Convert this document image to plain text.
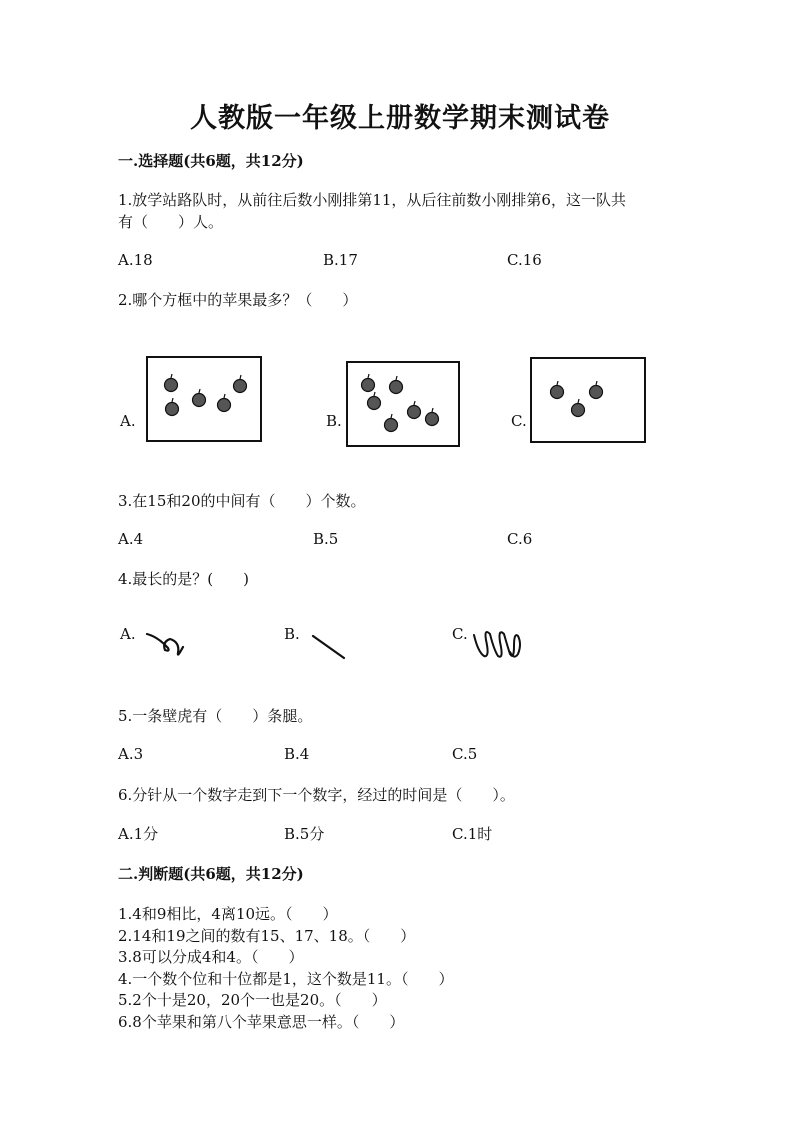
人教版一年级上册数学期末测试卷
一.选择题(共6题，共12分)
1.放学站路队时，从前往后数小刚排第11，从后往前数小刚排第6，这一队共
有（　　）人。
A.18	B.17	C.16
2.哪个方框中的苹果最多？（　　）
A.	B.	C.
3.在15和20的中间有（　　）个数。
A.4	B.5	C.6
4.最长的是？(　　)
A.	B.	C.
5.一条壁虎有（　　）条腿。
A.3	B.4	C.5
6.分针从一个数字走到下一个数字，经过的时间是（　　）。
A.1分	B.5分	C.1时
二.判断题(共6题，共12分)
1.4和9相比，4离10远。（　　）
2.14和19之间的数有15、17、18。（　　）
3.8可以分成4和4。（　　）
4.一个数个位和十位都是1，这个数是11。（　　）
5.2个十是20，20个一也是20。（　　）
6.8个苹果和第八个苹果意思一样。（　　）
